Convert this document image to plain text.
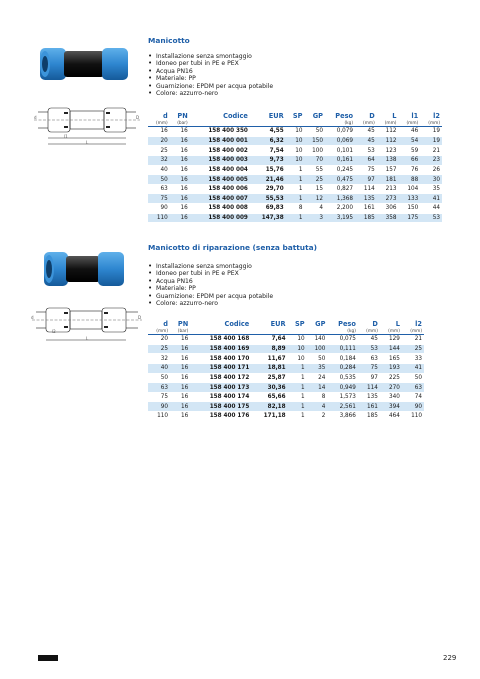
Manicotto
d	D
l1
L
• Installazione senza smontaggio
• Idoneo per tubi in PE e PEX
• Acqua PN16
• Materiale: PP
• Guarnizione: EPDM per acqua potabile
• Colore: azzurro-nero
d	PN	Codice	EUR	SP	GP	Peso	D	L	l1	l2
(mm)	(bar)					(kg)	(mm)	(mm)	(mm)	(mm)
16	16	158 400 350	4,55	10	50	0,079	45	112	46	19
20	16	158 400 001	6,32	10	150	0,069	45	112	54	19
25	16	158 400 002	7,54	10	100	0,101	53	123	59	21
32	16	158 400 003	9,73	10	70	0,161	64	138	66	23
40	16	158 400 004	15,76	1	55	0,245	75	157	76	26
50	16	158 400 005	21,46	1	25	0,475	97	181	88	30
63	16	158 400 006	29,70	1	15	0,827	114	213	104	35
75	16	158 400 007	55,53	1	12	1,368	135	273	133	41
90	16	158 400 008	69,83	8	4	2,200	161	306	150	44
110	16	158 400 009	147,38	1	3	3,195	185	358	175	53
Manicotto di riparazione (senza battuta)
d	D
l2
L
• Installazione senza smontaggio
• Idoneo per tubi in PE e PEX
• Acqua PN16
• Materiale: PP
• Guarnizione: EPDM per acqua potabile
• Colore: azzurro-nero
d	PN	Codice	EUR	SP	GP	Peso	D	L	l2
(mm)	(bar)					(kg)	(mm)	(mm)	(mm)
20	16	158 400 168	7,64	10	140	0,075	45	129	21
25	16	158 400 169	8,89	10	100	0,111	53	144	25
32	16	158 400 170	11,67	10	50	0,184	63	165	33
40	16	158 400 171	18,81	1	35	0,284	75	193	41
50	16	158 400 172	25,87	1	24	0,535	97	225	50
63	16	158 400 173	30,36	1	14	0,949	114	270	63
75	16	158 400 174	65,66	1	8	1,573	135	340	74
90	16	158 400 175	82,18	1	4	2,561	161	394	90
110	16	158 400 176	171,18	1	2	3,866	185	464	110
229
